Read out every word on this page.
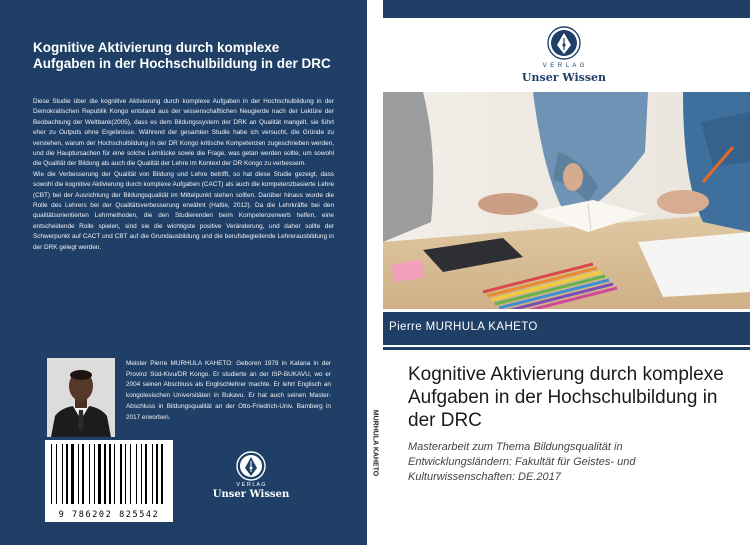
Kognitive Aktivierung durch komplexe Aufgaben in der Hochschulbildung in der DRC

Diese Studie über die kognitive Aktivierung durch komplexe Aufgaben in der Hochschulbildung in der Demokratischen Republik Kongo entstand aus der wissenschaftlichen Neugierde nach der Lektüre der Beobachtung der Weltbank(2005), dass es dem Bildungssystem der DRK an Qualität mangelt, sie führt eher zu Outputs ohne Ergebnisse. Während der gesamten Studie habe ich versucht, die Gründe zu verstehen, warum der Hochschulbildung in der DR Kongo kritische Kompetenzen zugeschrieben werden, und die Hauptursachen für eine solche Lernlücke sowie die Frage, was getan werden sollte, um sowohl die Qualität der Bildung als auch die Qualität der Lehre im Kontext der DR Kongo zu verbessern.

Wie die Verbesserung der Qualität von Bildung und Lehre betrifft, so hat diese Studie gezeigt, dass sowohl die kognitive Aktivierung durch komplexe Aufgaben (CACT) als auch die kompetenzbasierte Lehre (CBT) bei der Ausrichtung der Bildungsqualität im Mittelpunkt stehen sollten. Darüber hinaus wurde die Rolle des Lehrers bei der Qualitätsverbesserung erwähnt (Hattie, 2012). Da die Lehrkräfte bei den qualitätsorientierten Lehrmethoden, die den Studierenden beim Kompetenzerwerb helfen, eine entscheidende Rolle spielen, sind sie die wichtigste positive Veränderung, und daher sollte der Schwerpunkt auf CACT und CBT auf die Grundausbildung und die berufsbegleitende Lehrerausbildung in der DRK gelegt werden.

Meister Pierre MURHULA KAHETO: Geboren 1978 in Katana in der Provinz Süd-Kivu/DR Kongo. Er studierte an der ISP-BUKAVU, wo er 2004 seinen Abschluss als Englischlehrer machte. Er lehrt Englisch an kongolesischen Universitäten in Bukavu. Er hat auch seinen Master-Abschluss in Bildungsqualität an der Otto-Friedrich-Univ. Bamberg in 2017 erworben.
9 786202 825542
V E R L A G
Unser Wissen
MURHULA KAHETO
V E R L A G
Unser Wissen
Pierre MURHULA KAHETO
Kognitive Aktivierung durch komplexe Aufgaben in der Hochschulbildung in der DRC
Masterarbeit zum Thema Bildungsqualität in Entwicklungsländern: Fakultät für Geistes- und Kulturwissenschaften: DE.2017
